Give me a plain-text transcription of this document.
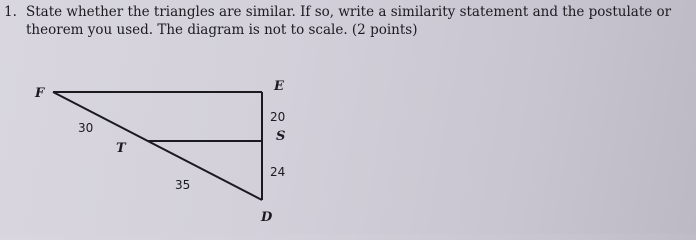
1. State whether the triangles are similar. If so, write a similarity statement and the postulate or
theorem you used. The diagram is not to scale. (2 points)
F	E
S
T
D
30
35
20
24
